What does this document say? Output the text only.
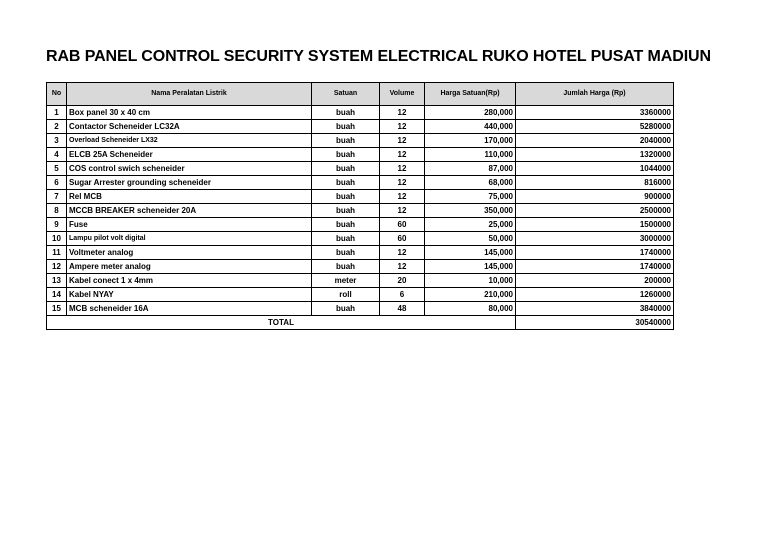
RAB PANEL CONTROL SECURITY SYSTEM ELECTRICAL RUKO HOTEL PUSAT MADIUN
No	Nama Peralatan Listrik	Satuan	Volume	Harga Satuan(Rp)	Jumlah Harga (Rp)
1	Box panel 30 x 40 cm	buah	12	280,000	3360000
2	Contactor Scheneider LC32A	buah	12	440,000	5280000
3	Overload Scheneider LX32	buah	12	170,000	2040000
4	ELCB 25A Scheneider	buah	12	110,000	1320000
5	COS control swich scheneider	buah	12	87,000	1044000
6	Sugar Arrester grounding scheneider	buah	12	68,000	816000
7	Rel MCB	buah	12	75,000	900000
8	MCCB BREAKER scheneider 20A	buah	12	350,000	2500000
9	Fuse	buah	60	25,000	1500000
10	Lampu pilot volt digital	buah	60	50,000	3000000
11	Voltmeter analog	buah	12	145,000	1740000
12	Ampere meter analog	buah	12	145,000	1740000
13	Kabel conect 1 x 4mm	meter	20	10,000	200000
14	Kabel NYAY	roll	6	210,000	1260000
15	MCB scheneider 16A	buah	48	80,000	3840000
TOTAL					30540000
